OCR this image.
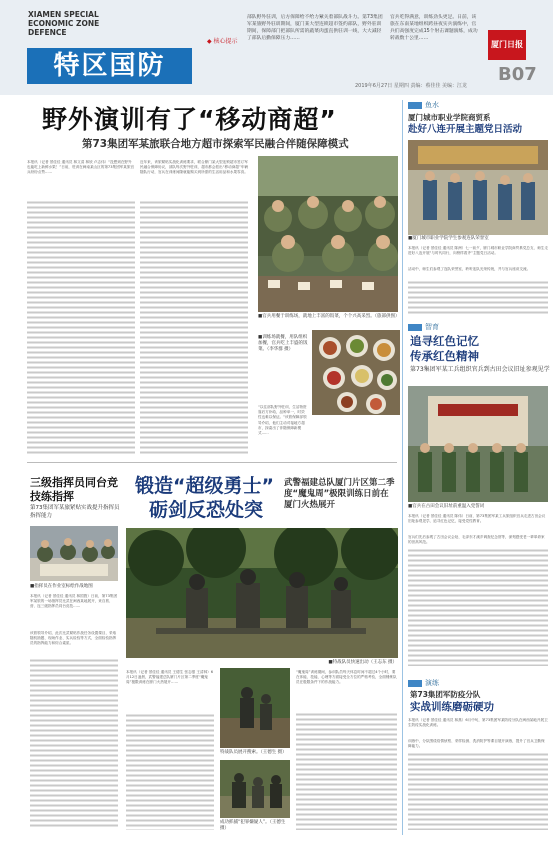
XIAMEN SPECIAL
ECONOMIC ZONE
DEFENCE
特区国防
◆ 核心提示
部队野外驻训，后方保障给不给力紧关着部队战斗力。第73集团军某旅野外驻训期间，厦门某大型连锁超市签约部队，野外驻训期间，保障部门把部队所需的蔬菜肉蛋直供驻训一线，大大减轻了部队后勤保障压力……
官兵吃得满意，训练劲头更足。日前，该旅在东南某地组织跨昼夜实兵演练中，官兵们高强度完成15个射击课题演练，成功转战数十公里……
厦门日报
2019年6月27日 星期四 责编：蔡佳佳 美编：江龙
B07
野外演训有了“移动商超”
第73集团军某旅联合地方超市探索军民融合伴随保障模式
本报讯（记者 蔡佳佳 通讯员 林文清 林欣 卢志伟）“没想到在野外也能吃上新鲜水果！”日前，驻训在闽南某山区的第73集团军某旅官兵纷纷点赞……
近年来，该旅紧贴实战化训练要求，联合厦门某大型连锁超市签订军民融合保障协议，部队每次野外驻训，超市都会派出“移动商超”车辆随队行动，官兵在训练间隙就能购买到所需的生活用品和水果零食。
■官兵用餐于训练场，就地上丰富的饭菜，个个兴高采烈。（旅部供图）
■训练场就餐，用队组织加餐，官兵吃上丰盛的饭菜。（李华群 摄）
“以往部队野外驻训，生活物资靠后方补给，品种单一，时效性也难以保证。”该旅保障部领导介绍，他们主动对接地方超市，探索出了伴随保障新模式……
三级指挥员同台竞技练指挥
第73集团军某旅紧贴实战提升指挥员指挥能力
■指挥员在作业室标绘作战地图
本报讯（记者 蔡佳佳 通讯员 林国胜）日前，第73集团军某旅的一场指挥员比武在闽西某地展开，来自旅、营、连三级指挥员同台竞技……
该旅领导介绍，此次比武紧贴作战任务设置课目，采取随机抽题、现场作业、实兵检验等方式，全面检验指挥员的指挥能力和综合素质。
锻造“超级勇士”
砺剑反恐处突
武警福建总队厦门片区第二季度“魔鬼周”极限训练日前在厦门火热展开
■特战队员快速出动（王志东 摄）
本报讯（记者 蔡佳佳 通讯员 王德生 张志强 王清林）6月12日凌晨，武警福建总队厦门片区第二季度“魔鬼周”极限训练在厦门火热展开……
特战队员展开搜索。（王德生 摄）
成功抓捕“犯罪嫌疑人”。（王德生 摄）
“魔鬼周”训练期间，参训队员每天休息时间不超过4个小时，要在体能、技能、心理等方面接受全方位的严格考验，全面锤炼队员在极限条件下的作战能力。
鱼水
厦门城市职业学院商贸系
赴好八连开展主题党日活动
■厦门城市职业学院学生参观连队荣誉室
本报讯（记者 蔡佳佳 通讯员 陈洲）七一前夕，厦门城市职业学院商贸系党总支、师生走进好八连开展“与时代同行，向榜样看齐”主题党日活动。
活动中，师生们参观了连队荣誉室，聆听连队光荣传统，并与官兵座谈交流。
智育
追寻红色记忆
传承红色精神
第73集团军某工兵组织官兵到古田会议旧址参观见学
■官兵在古田会议旧址前重温入党誓词
本报讯（记者 蔡佳佳 通讯员 陈伟）日前，第73集团军某工兵旅组织官兵走进古田会议旧址参观见学，追寻红色记忆，接受党性教育。
官兵们先后参观了古田会议会址、毛泽东才溪乡调查纪念馆等，深刻感受老一辈革命家的崇高风范。
演练
第73集团军防疫分队
实战训练磨砺硬功
本报讯（记者 蔡佳佳 通讯员 林燕）6月中旬，第73集团军某防疫分队在闽西某地开展卫生防疫实战化训练。
训练中，分队围绕疫情侦察、采样检测、洗消防护等课目展开演练，提升了官兵卫勤保障能力。
